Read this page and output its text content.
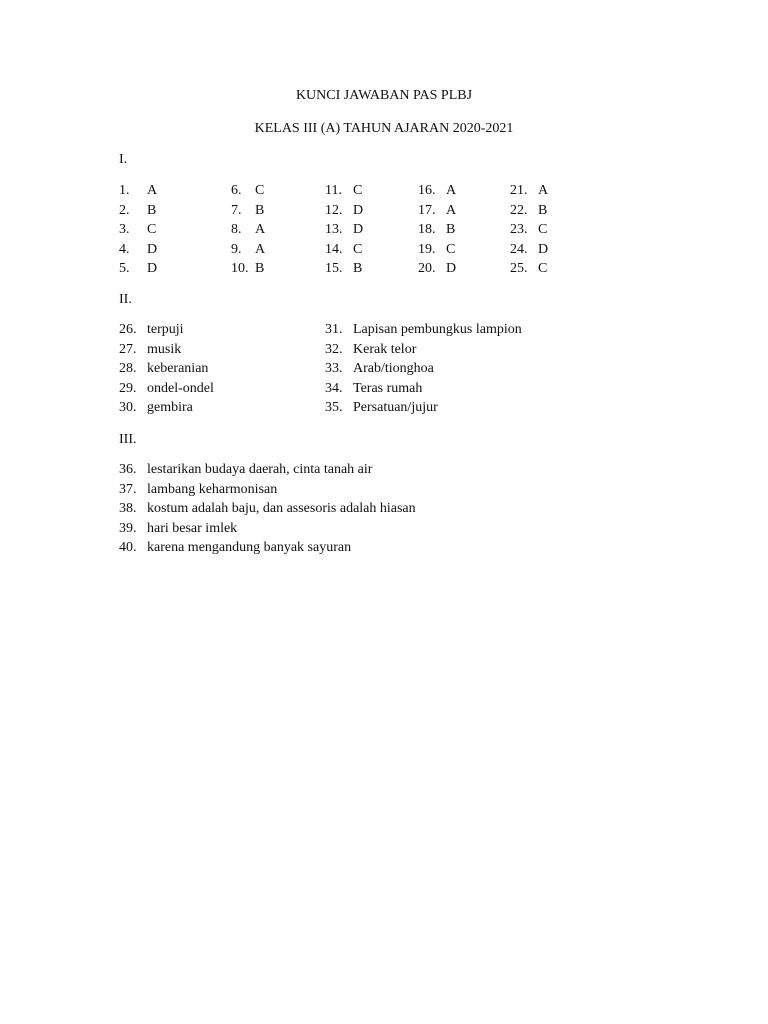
KUNCI JAWABAN PAS PLBJ
KELAS III (A) TAHUN AJARAN 2020-2021
I.
1. A
2. B
3. C
4. D
5. D
6. C
7. B
8. A
9. A
10. B
11. C
12. D
13. D
14. C
15. B
16. A
17. A
18. B
19. C
20. D
21. A
22. B
23. C
24. D
25. C
II.
26. terpuji
27. musik
28. keberanian
29. ondel-ondel
30. gembira
31. Lapisan pembungkus lampion
32. Kerak telor
33. Arab/tionghoa
34. Teras rumah
35. Persatuan/jujur
III.
36. lestarikan budaya daerah, cinta tanah air
37. lambang keharmonisan
38. kostum adalah baju, dan assesoris adalah hiasan
39. hari besar imlek
40. karena mengandung banyak sayuran
